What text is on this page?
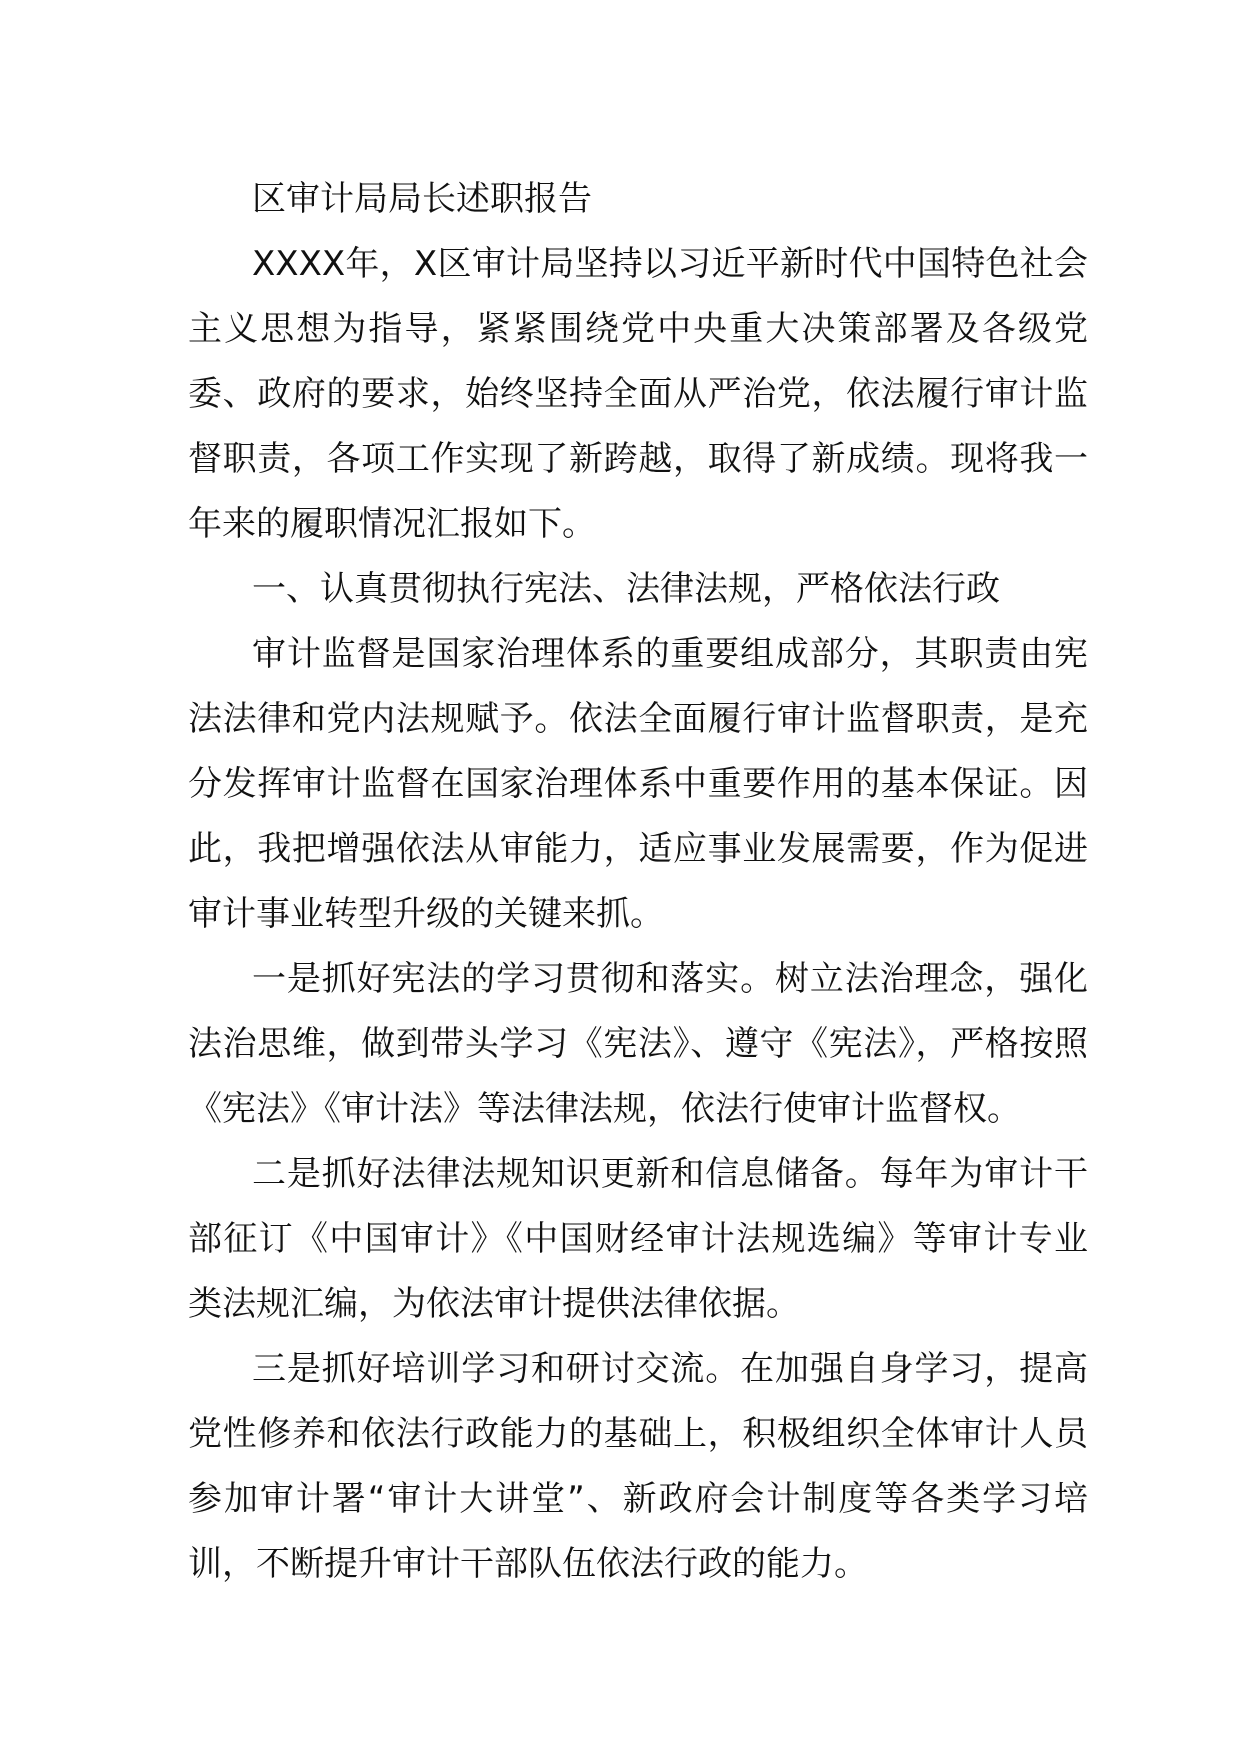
区审计局局长述职报告

XXXX年，X区审计局坚持以习近平新时代中国特色社会主义思想为指导，紧紧围绕党中央重大决策部署及各级党委、政府的要求，始终坚持全面从严治党，依法履行审计监督职责，各项工作实现了新跨越，取得了新成绩。现将我一年来的履职情况汇报如下。

一、认真贯彻执行宪法、法律法规，严格依法行政

审计监督是国家治理体系的重要组成部分，其职责由宪法法律和党内法规赋予。依法全面履行审计监督职责，是充分发挥审计监督在国家治理体系中重要作用的基本保证。因此，我把增强依法从审能力，适应事业发展需要，作为促进审计事业转型升级的关键来抓。

一是抓好宪法的学习贯彻和落实。树立法治理念，强化法治思维，做到带头学习《宪法》、遵守《宪法》，严格按照《宪法》《审计法》等法律法规，依法行使审计监督权。

二是抓好法律法规知识更新和信息储备。每年为审计干部征订《中国审计》《中国财经审计法规选编》等审计专业类法规汇编，为依法审计提供法律依据。

三是抓好培训学习和研讨交流。在加强自身学习，提高党性修养和依法行政能力的基础上，积极组织全体审计人员参加审计署“审计大讲堂”、新政府会计制度等各类学习培训，不断提升审计干部队伍依法行政的能力。
